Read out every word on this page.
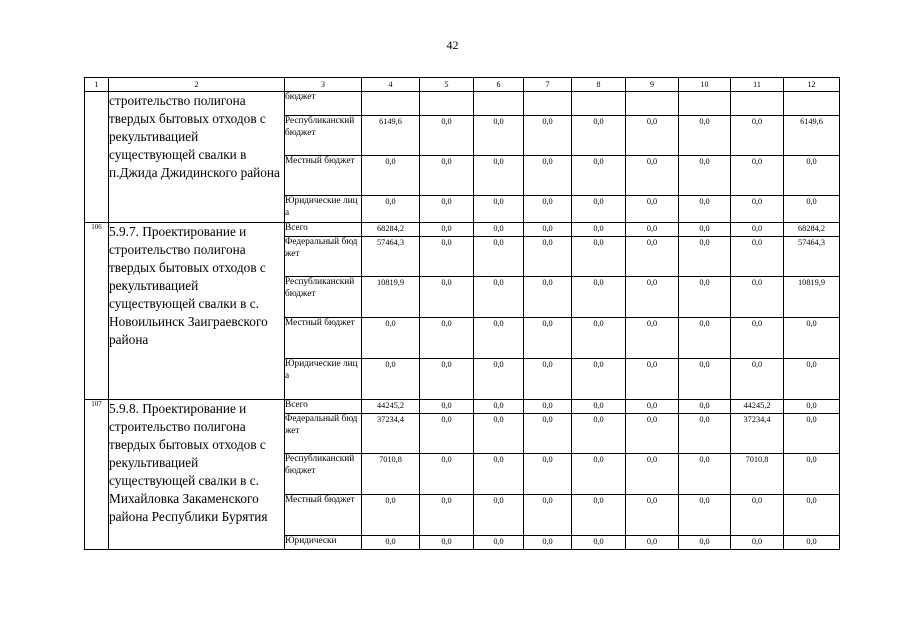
42
1	2	3	4	5	6	7	8	9	10	11	12
	строительство полигона твердых бытовых отходов с рекультивацией существующей свалки в п.Джида Джидинского района	бюджет									
		Республиканский бюджет	6149,6	0,0	0,0	0,0	0,0	0,0	0,0	0,0	6149,6
		Местный бюджет	0,0	0,0	0,0	0,0	0,0	0,0	0,0	0,0	0,0
		Юридические лица	0,0	0,0	0,0	0,0	0,0	0,0	0,0	0,0	0,0
106	5.9.7. Проектирование и строительство полигона твердых бытовых отходов с рекультивацией существующей свалки в с. Новоильинск Заиграевского района	Всего	68284,2	0,0	0,0	0,0	0,0	0,0	0,0	0,0	68284,2
		Федеральный бюджет	57464,3	0,0	0,0	0,0	0,0	0,0	0,0	0,0	57464,3
		Республиканский бюджет	10819,9	0,0	0,0	0,0	0,0	0,0	0,0	0,0	10819,9
		Местный бюджет	0,0	0,0	0,0	0,0	0,0	0,0	0,0	0,0	0,0
		Юридические лица	0,0	0,0	0,0	0,0	0,0	0,0	0,0	0,0	0,0
107	5.9.8. Проектирование и строительство полигона твердых бытовых отходов с рекультивацией существующей свалки в с. Михайловка Закаменского района Республики Бурятия	Всего	44245,2	0,0	0,0	0,0	0,0	0,0	0,0	44245,2	0,0
		Федеральный бюджет	37234,4	0,0	0,0	0,0	0,0	0,0	0,0	37234,4	0,0
		Республиканский бюджет	7010,8	0,0	0,0	0,0	0,0	0,0	0,0	7010,8	0,0
		Местный бюджет	0,0	0,0	0,0	0,0	0,0	0,0	0,0	0,0	0,0
		Юридически	0,0	0,0	0,0	0,0	0,0	0,0	0,0	0,0	0,0
